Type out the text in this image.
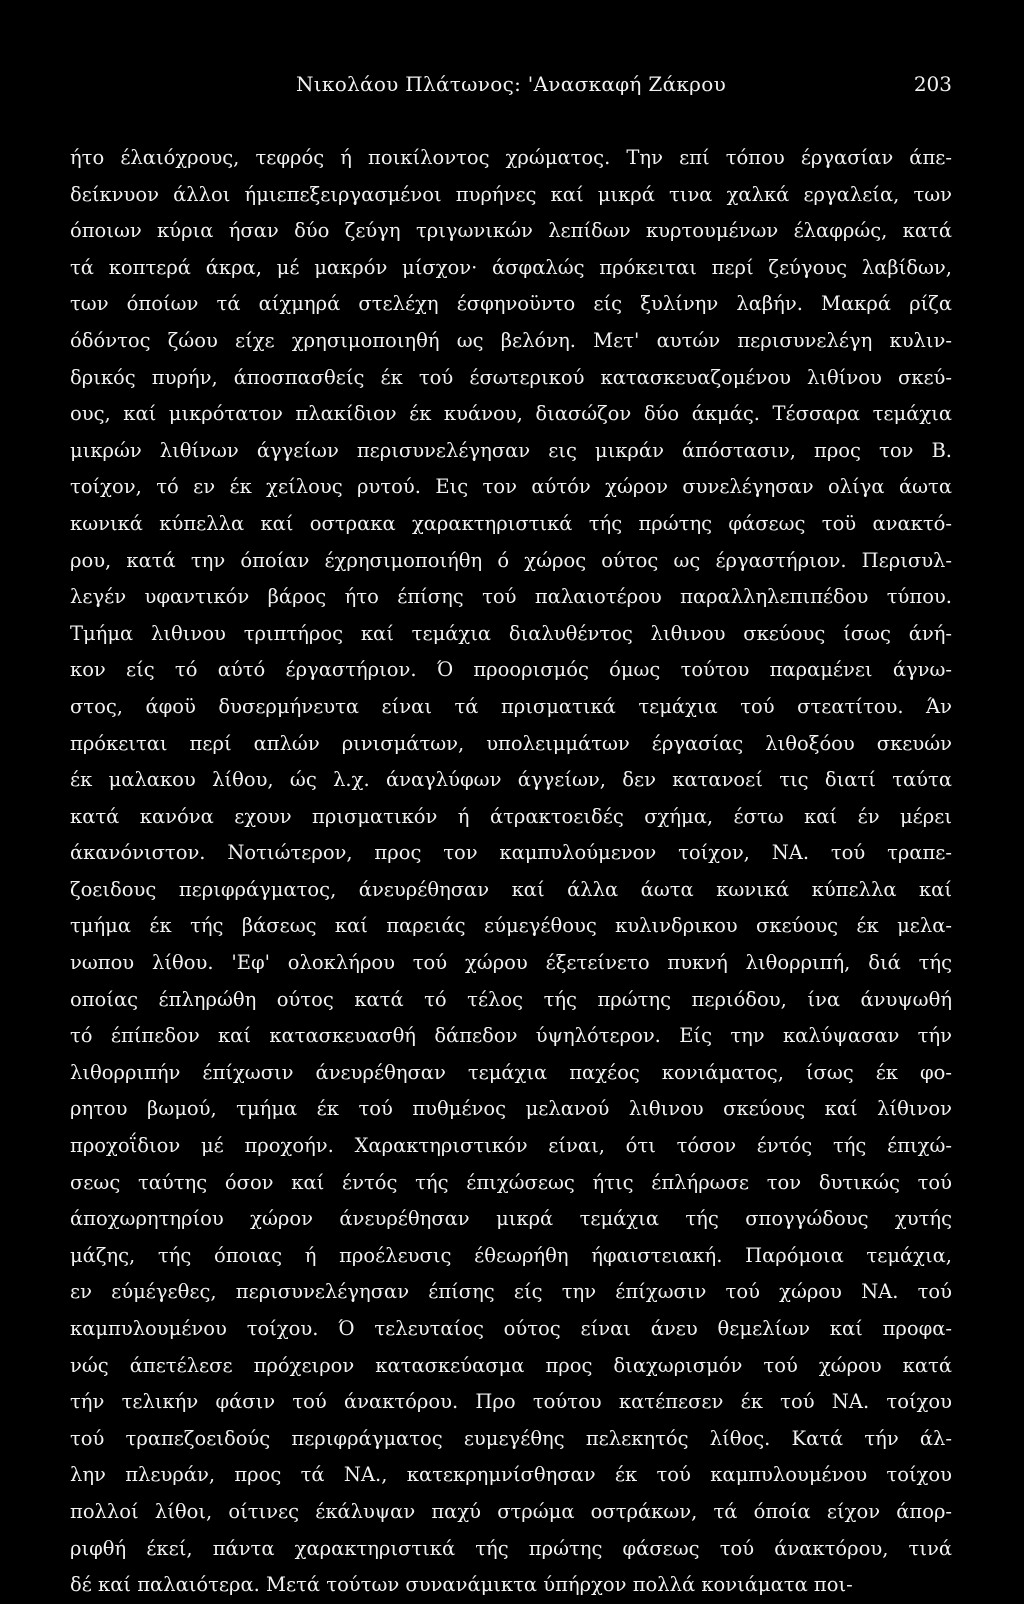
Νικολάου Πλάτωνος: 'Ανασκαφή Ζάκρου	203
ήτο έλαιόχρους, τεφρός ή ποικίλοντος χρώματος. Την επί τόπου έργασίαν άπε-
δείκνυον άλλοι ήμιεπεξειργασμένοι πυρήνες καί μικρά τινα χαλκά εργαλεία, των
όποιων κύρια ήσαν δύο ζεύγη τριγωνικών λεπίδων κυρτουμένων έλαφρώς, κατά
τά κοπτερά άκρα, μέ μακρόν μίσχον· άσφαλώς πρόκειται περί ζεύγους λαβίδων,
των όποίων τά αίχμηρά στελέχη έσφηνοϋντο είς ξυλίνην λαβήν. Μακρά ρίζα
όδόντος ζώου είχε χρησιμοποιηθή ως βελόνη. Μετ' αυτών περισυνελέγη κυλιν-
δρικός πυρήν, άποσπασθείς έκ τού έσωτερικού κατασκευαζομένου λιθίνου σκεύ-
ους, καί μικρότατον πλακίδιον έκ κυάνου, διασώζον δύο άκμάς. Τέσσαρα τεμάχια
μικρών λιθίνων άγγείων περισυνελέγησαν εις μικράν άπόστασιν, προς τον Β.
τοίχον, τό εν έκ χείλους ρυτού. Εις τον αύτόν χώρον συνελέγησαν ολίγα άωτα
κωνικά κύπελλα καί οστρακα χαρακτηριστικά τής πρώτης φάσεως τοϋ ανακτό-
ρου, κατά την όποίαν έχρησιμοποιήθη ό χώρος ούτος ως έργαστήριον. Περισυλ-
λεγέν υφαντικόν βάρος ήτο έπίσης τού παλαιοτέρου παραλληλεπιπέδου τύπου.
Τμήμα λιθινου τριπτήρος καί τεμάχια διαλυθέντος λιθινου σκεύους ίσως άνή-
κον είς τό αύτό έργαστήριον. Ό προορισμός όμως τούτου παραμένει άγνω-
στος, άφοϋ δυσερμήνευτα είναι τά πρισματικά τεμάχια τού στεατίτου. Άν
πρόκειται περί απλών ρινισμάτων, υπολειμμάτων έργασίας λιθοξόου σκευών
έκ μαλακου λίθου, ώς λ.χ. άναγλύφων άγγείων, δεν κατανοεί τις διατί ταύτα
κατά κανόνα εχουν πρισματικόν ή άτρακτοειδές σχήμα, έστω καί έν μέρει
άκανόνιστον. Νοτιώτερον, προς τον καμπυλούμενον τοίχον, ΝΑ. τού τραπε-
ζοειδους περιφράγματος, άνευρέθησαν καί άλλα άωτα κωνικά κύπελλα καί
τμήμα έκ τής βάσεως καί παρειάς εύμεγέθους κυλινδρικου σκεύους έκ μελα-
νωπου λίθου. 'Εφ' ολοκλήρου τού χώρου έξετείνετο πυκνή λιθορριπή, διά τής
οποίας έπληρώθη ούτος κατά τό τέλος τής πρώτης περιόδου, ίνα άνυψωθή
τό έπίπεδον καί κατασκευασθή δάπεδον ύψηλότερον. Είς την καλύψασαν τήν
λιθορριπήν έπίχωσιν άνευρέθησαν τεμάχια παχέος κονιάματος, ίσως έκ φο-
ρητου βωμού, τμήμα έκ τού πυθμένος μελανού λιθινου σκεύους καί λίθινον
προχοΐδιον μέ προχοήν. Χαρακτηριστικόν είναι, ότι τόσον έντός τής έπιχώ-
σεως ταύτης όσον καί έντός τής έπιχώσεως ήτις έπλήρωσε τον δυτικώς τού
άποχωρητηρίου χώρον άνευρέθησαν μικρά τεμάχια τής σπογγώδους χυτής
μάζης, τής όποιας ή προέλευσις έθεωρήθη ήφαιστειακή. Παρόμοια τεμάχια,
εν εύμέγεθες, περισυνελέγησαν έπίσης είς την έπίχωσιν τού χώρου ΝΑ. τού
καμπυλουμένου τοίχου. Ό τελευταίος ούτος είναι άνευ θεμελίων καί προφα-
νώς άπετέλεσε πρόχειρον κατασκεύασμα προς διαχωρισμόν τού χώρου κατά
τήν τελικήν φάσιν τού άνακτόρου. Προ τούτου κατέπεσεν έκ τού ΝΑ. τοίχου
τού τραπεζοειδούς περιφράγματος ευμεγέθης πελεκητός λίθος. Κατά τήν άλ-
λην πλευράν, προς τά ΝΑ., κατεκρημνίσθησαν έκ τού καμπυλουμένου τοίχου
πολλοί λίθοι, οίτινες έκάλυψαν παχύ στρώμα οστράκων, τά όποία είχον άπορ-
ριφθή έκεί, πάντα χαρακτηριστικά τής πρώτης φάσεως τού άνακτόρου, τινά
δέ καί παλαιότερα. Μετά τούτων συνανάμικτα ύπήρχον πολλά κονιάματα ποι-
